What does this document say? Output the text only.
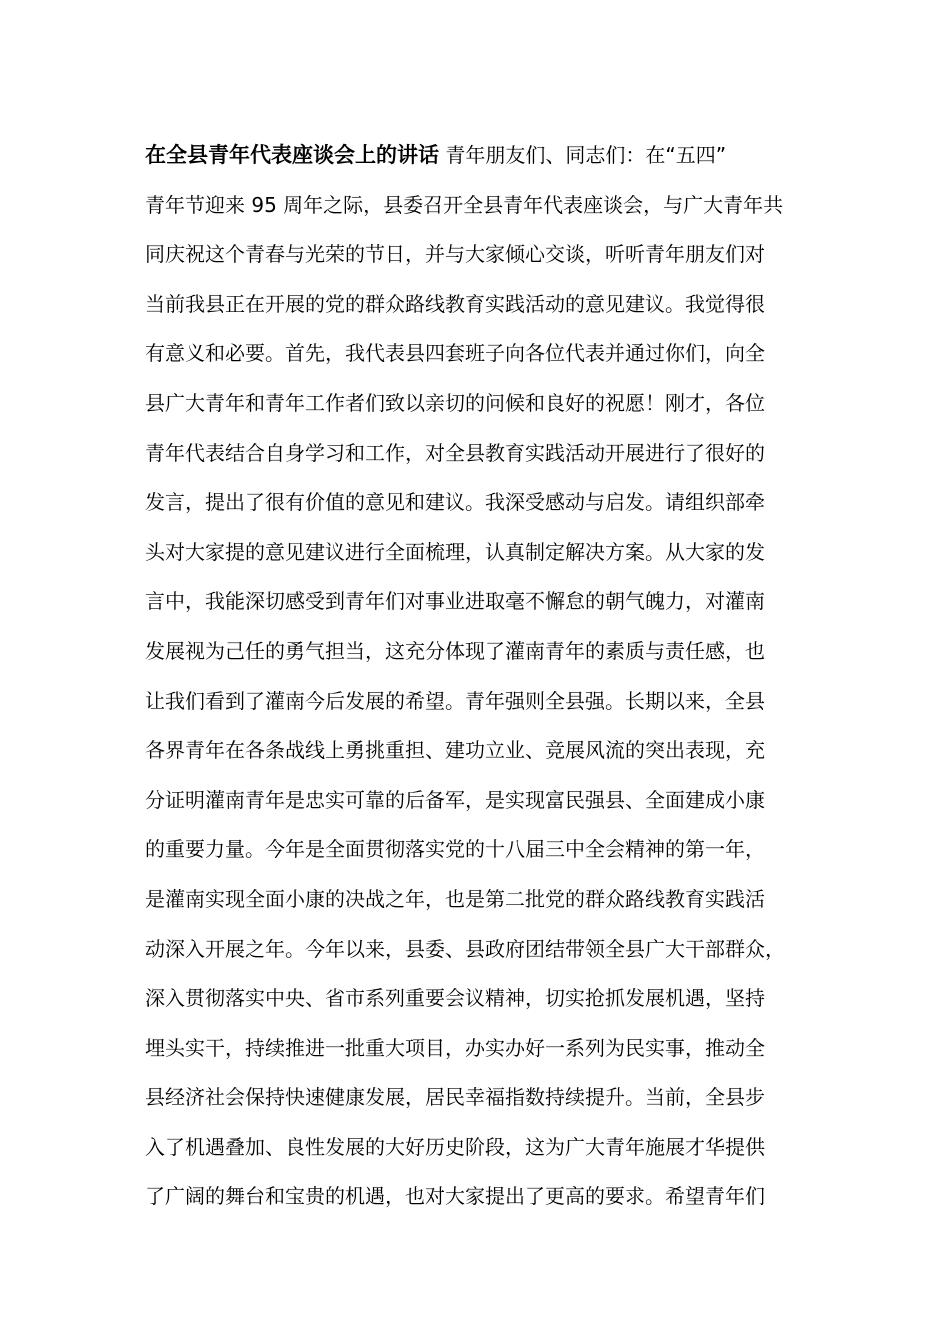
在全县青年代表座谈会上的讲话 青年朋友们、同志们：在“五四”
青年节迎来 95 周年之际，县委召开全县青年代表座谈会，与广大青年共
同庆祝这个青春与光荣的节日，并与大家倾心交谈，听听青年朋友们对
当前我县正在开展的党的群众路线教育实践活动的意见建议。我觉得很
有意义和必要。首先，我代表县四套班子向各位代表并通过你们，向全
县广大青年和青年工作者们致以亲切的问候和良好的祝愿！刚才，各位
青年代表结合自身学习和工作，对全县教育实践活动开展进行了很好的
发言，提出了很有价值的意见和建议。我深受感动与启发。请组织部牵
头对大家提的意见建议进行全面梳理，认真制定解决方案。从大家的发
言中，我能深切感受到青年们对事业进取毫不懈怠的朝气魄力，对灌南
发展视为己任的勇气担当，这充分体现了灌南青年的素质与责任感，也
让我们看到了灌南今后发展的希望。青年强则全县强。长期以来，全县
各界青年在各条战线上勇挑重担、建功立业、竞展风流的突出表现，充
分证明灌南青年是忠实可靠的后备军，是实现富民强县、全面建成小康
的重要力量。今年是全面贯彻落实党的十八届三中全会精神的第一年，
是灌南实现全面小康的决战之年，也是第二批党的群众路线教育实践活
动深入开展之年。今年以来，县委、县政府团结带领全县广大干部群众，
深入贯彻落实中央、省市系列重要会议精神，切实抢抓发展机遇，坚持
埋头实干，持续推进一批重大项目，办实办好一系列为民实事，推动全
县经济社会保持快速健康发展，居民幸福指数持续提升。当前，全县步
入了机遇叠加、良性发展的大好历史阶段，这为广大青年施展才华提供
了广阔的舞台和宝贵的机遇，也对大家提出了更高的要求。希望青年们
